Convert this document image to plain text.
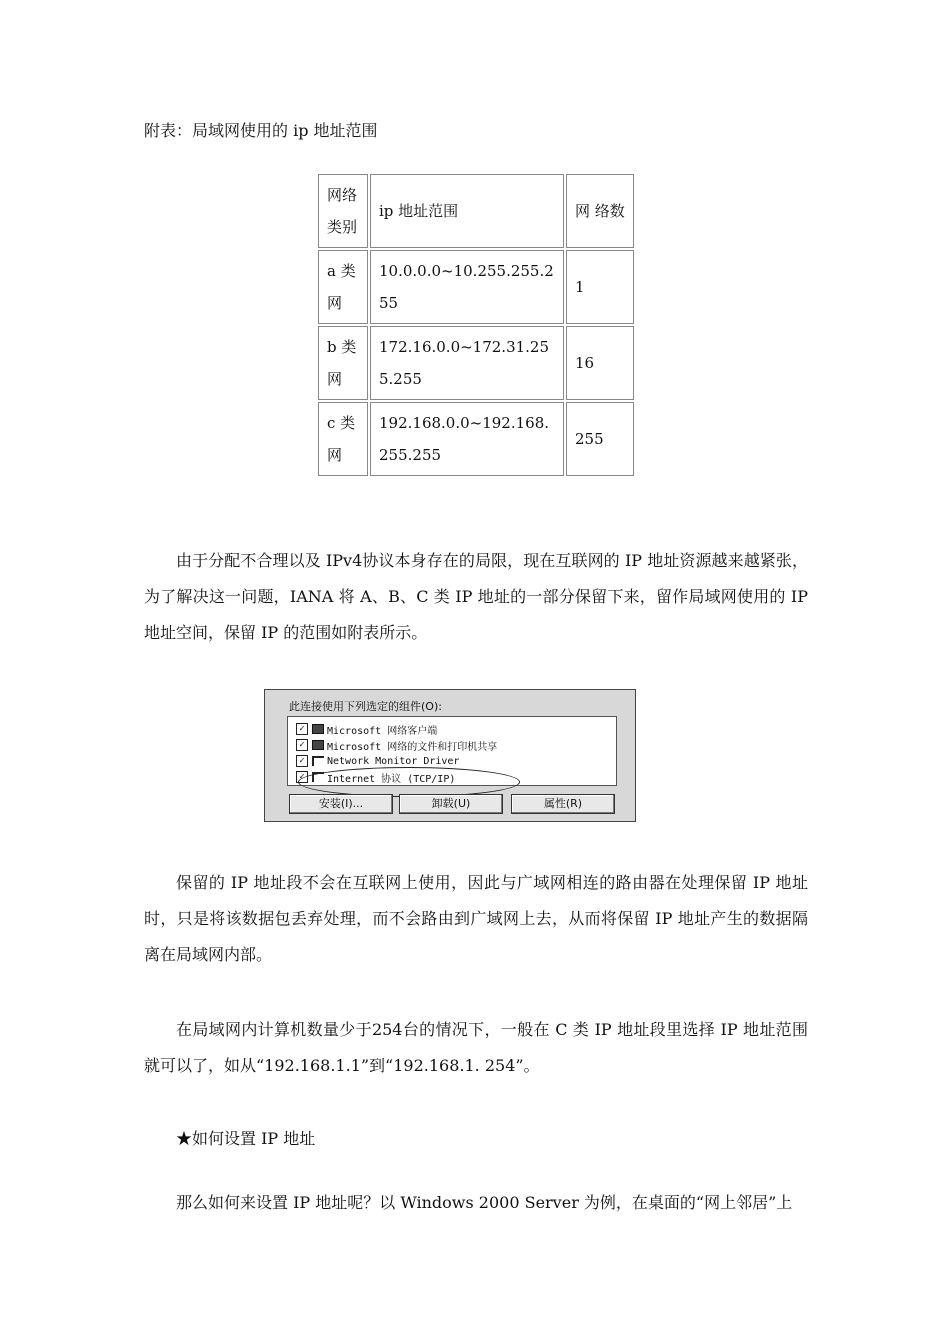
附表：局域网使用的 ip 地址范围
网络类别	ip 地址范围	网 络数
a 类网	10.0.0.0~10.255.255.255	1
b 类网	172.16.0.0~172.31.255.255	16
c 类网	192.168.0.0~192.168.255.255	255

由于分配不合理以及 IPv4协议本身存在的局限，现在互联网的 IP 地址资源越来越紧张，为了解决这一问题，IANA 将 A、B、C 类 IP 地址的一部分保留下来，留作局域网使用的 IP 地址空间，保留 IP 的范围如附表所示。

此连接使用下列选定的组件(O):
✓	Microsoft 网络客户端
✓	Microsoft 网络的文件和打印机共享
✓	Network Monitor Driver
✓	Internet 协议 (TCP/IP)
安装(I)...	卸载(U)	属性(R)

保留的 IP 地址段不会在互联网上使用，因此与广域网相连的路由器在处理保留 IP 地址时，只是将该数据包丢弃处理，而不会路由到广域网上去，从而将保留 IP 地址产生的数据隔离在局域网内部。

在局域网内计算机数量少于254台的情况下，一般在 C 类 IP 地址段里选择 IP 地址范围就可以了，如从“192.168.1.1”到“192.168.1. 254”。

★如何设置 IP 地址

那么如何来设置 IP 地址呢？以 Windows 2000 Server 为例，在桌面的“网上邻居”上
